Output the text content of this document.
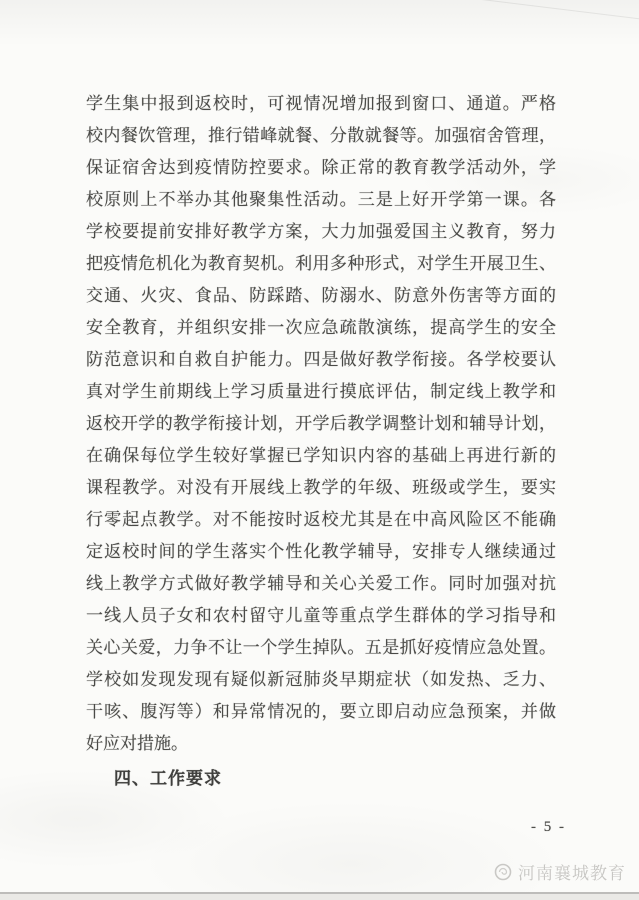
学生集中报到返校时，可视情况增加报到窗口、通道。严格
校内餐饮管理，推行错峰就餐、分散就餐等。加强宿舍管理，
保证宿舍达到疫情防控要求。除正常的教育教学活动外，学
校原则上不举办其他聚集性活动。三是上好开学第一课。各
学校要提前安排好教学方案，大力加强爱国主义教育，努力
把疫情危机化为教育契机。利用多种形式，对学生开展卫生、
交通、火灾、食品、防踩踏、防溺水、防意外伤害等方面的
安全教育，并组织安排一次应急疏散演练，提高学生的安全
防范意识和自救自护能力。四是做好教学衔接。各学校要认
真对学生前期线上学习质量进行摸底评估，制定线上教学和
返校开学的教学衔接计划，开学后教学调整计划和辅导计划，
在确保每位学生较好掌握已学知识内容的基础上再进行新的
课程教学。对没有开展线上教学的年级、班级或学生，要实
行零起点教学。对不能按时返校尤其是在中高风险区不能确
定返校时间的学生落实个性化教学辅导，安排专人继续通过
线上教学方式做好教学辅导和关心关爱工作。同时加强对抗
一线人员子女和农村留守儿童等重点学生群体的学习指导和
关心关爱，力争不让一个学生掉队。五是抓好疫情应急处置。
学校如发现发现有疑似新冠肺炎早期症状（如发热、乏力、
干咳、腹泻等）和异常情况的，要立即启动应急预案，并做
好应对措施。
四、工作要求
- 5 -
河南襄城教育
